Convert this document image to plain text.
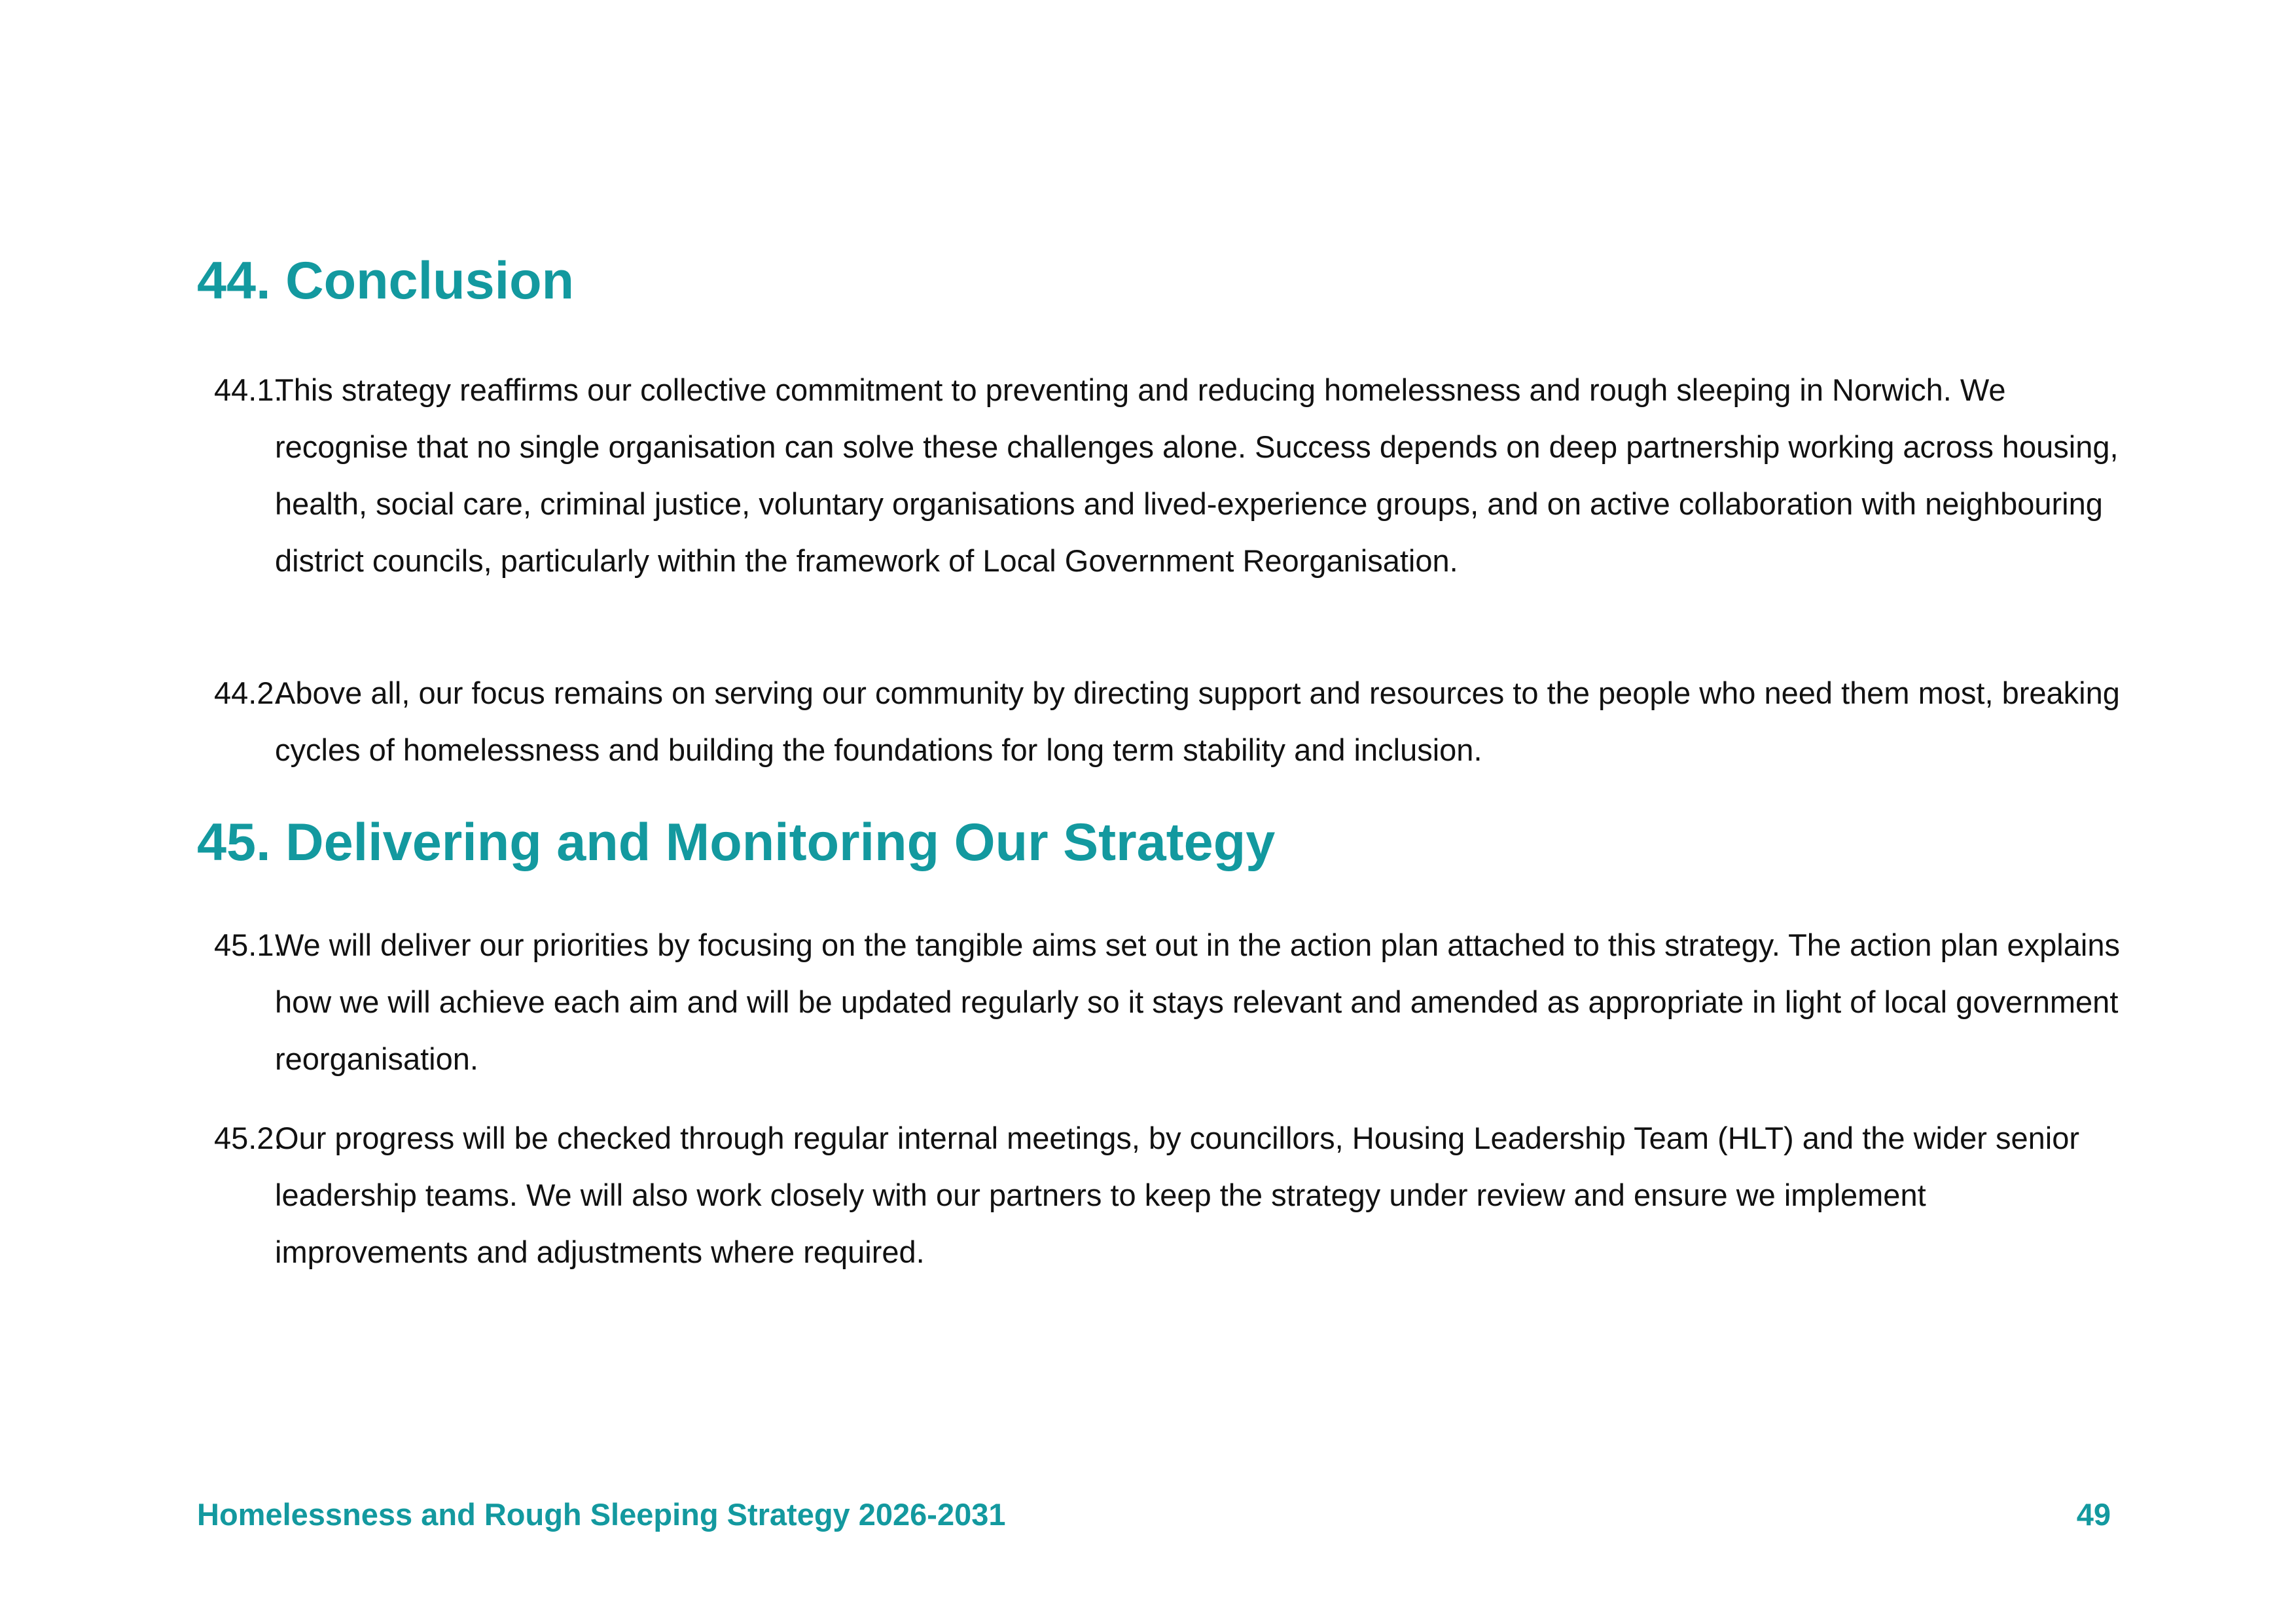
44. Conclusion
44.1.
This strategy reaffirms our collective commitment to preventing and reducing homelessness and rough sleeping in Norwich. We recognise that no single organisation can solve these challenges alone. Success depends on deep partnership working across housing, health, social care, criminal justice, voluntary organisations and lived-experience groups, and on active collaboration with neighbouring district councils, particularly within the framework of Local Government Reorganisation.
44.2.
Above all, our focus remains on serving our community by directing support and resources to the people who need them most, breaking cycles of homelessness and building the foundations for long term stability and inclusion.
45. Delivering and Monitoring Our Strategy
45.1.
We will deliver our priorities by focusing on the tangible aims set out in the action plan attached to this strategy. The action plan explains how we will achieve each aim and will be updated regularly so it stays relevant and amended as appropriate in light of local government reorganisation.
45.2.
Our progress will be checked through regular internal meetings, by councillors, Housing Leadership Team (HLT) and the wider senior leadership teams. We will also work closely with our partners to keep the strategy under review and ensure we implement improvements and adjustments where required.
Homelessness and Rough Sleeping Strategy 2026-2031	49
